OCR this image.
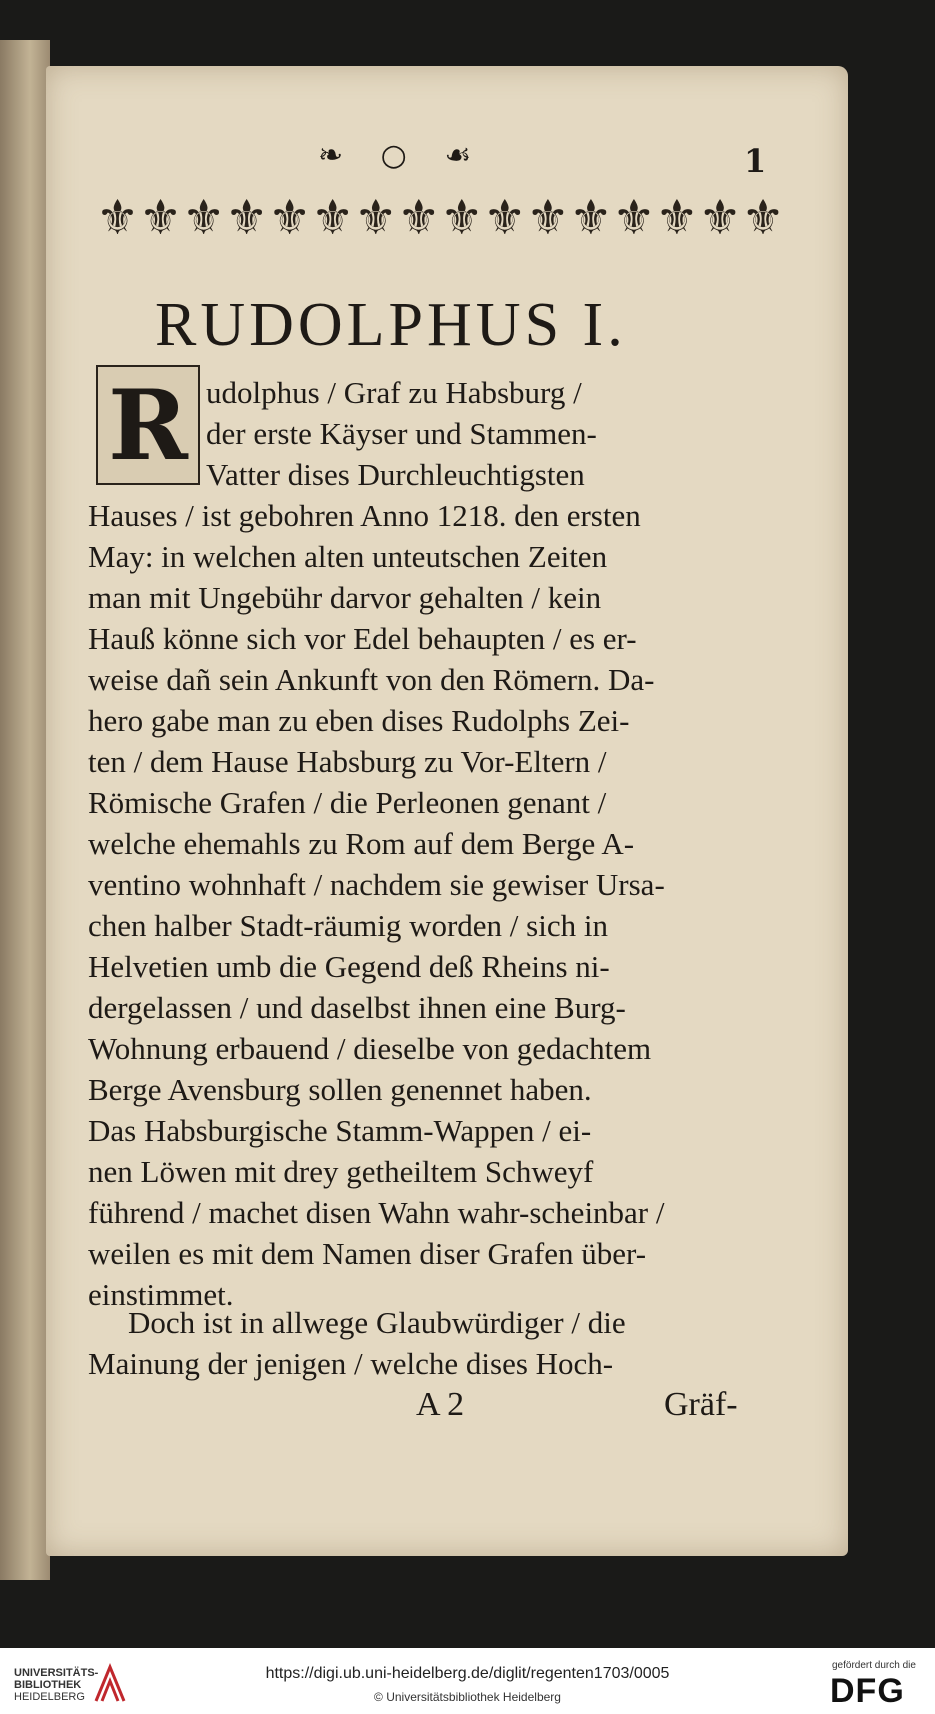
❧ ○ ☙	1
⚜ ⚜ ⚜ ⚜ ⚜ ⚜ ⚜ ⚜ ⚜ ⚜ ⚜ ⚜ ⚜ ⚜ ⚜ ⚜
RUDOLPHUS I.
R udolphus / Graf zu Habsburg /
der erste Käyser und Stammen-
Vatter dises Durchleuchtigsten
Hauses / ist gebohren Anno 1218. den ersten
May: in welchen alten unteutschen Zeiten
man mit Ungebühr darvor gehalten / kein
Hauß könne sich vor Edel behaupten / es er-
weise dañ sein Ankunft von den Römern. Da-
hero gabe man zu eben dises Rudolphs Zei-
ten / dem Hause Habsburg zu Vor-Eltern /
Römische Grafen / die Perleonen genant /
welche ehemahls zu Rom auf dem Berge A-
ventino wohnhaft / nachdem sie gewiser Ursa-
chen halber Stadt-räumig worden / sich in
Helvetien umb die Gegend deß Rheins ni-
dergelassen / und daselbst ihnen eine Burg-
Wohnung erbauend / dieselbe von gedachtem
Berge Avensburg sollen genennet haben.
Das Habsburgische Stamm-Wappen / ei-
nen Löwen mit drey getheiltem Schweyf
führend / machet disen Wahn wahr-scheinbar /
weilen es mit dem Namen diser Grafen über-
einstimmet.
Doch ist in allwege Glaubwürdiger / die
Mainung der jenigen / welche dises Hoch-
A 2	Gräf-
UNIVERSITÄTS-
BIBLIOTHEK
HEIDELBERG
https://digi.ub.uni-heidelberg.de/diglit/regenten1703/0005
© Universitätsbibliothek Heidelberg
gefördert durch die
DFG
